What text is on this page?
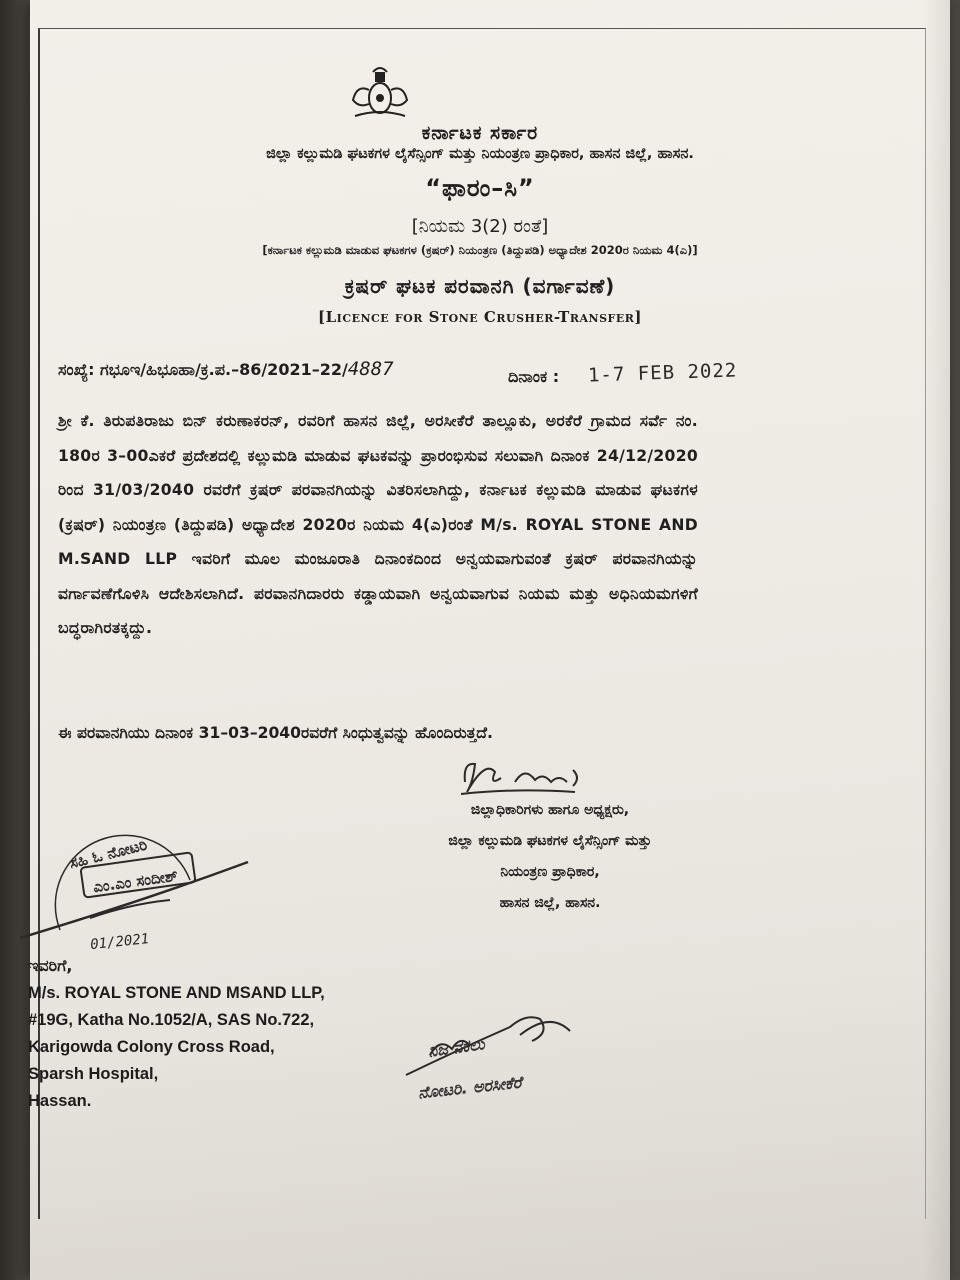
ಕರ್ನಾಟಕ ಸರ್ಕಾರ
ಜಿಲ್ಲಾ ಕಲ್ಲುಮಡಿ ಘಟಕಗಳ ಲೈಸೆನ್ಸಿಂಗ್ ಮತ್ತು ನಿಯಂತ್ರಣ ಪ್ರಾಧಿಕಾರ, ಹಾಸನ ಜಿಲ್ಲೆ, ಹಾಸನ.
“ಫಾರಂ–ಸಿ”
[ನಿಯಮ 3(2) ರಂತೆ]
[ಕರ್ನಾಟಕ ಕಲ್ಲುಮಡಿ ಮಾಡುವ ಘಟಕಗಳ (ಕ್ರಷರ್) ನಿಯಂತ್ರಣ (ತಿದ್ದುಪಡಿ) ಅಧ್ಯಾದೇಶ 2020ರ ನಿಯಮ 4(ಎ)]
ಕ್ರಷರ್ ಘಟಕ ಪರವಾನಗಿ (ವರ್ಗಾವಣೆ)
[Licence for Stone Crusher-Transfer]
ಸಂಖ್ಯೆ: ಗಭೂಇ/ಹಿಭೂಹಾ/ಕ್ರ.ಪ.–86/2021–22/4887	ದಿನಾಂಕ : 1-7 FEB 2022
ಶ್ರೀ ಕೆ. ತಿರುಪತಿರಾಜು ಬಿನ್ ಕರುಣಾಕರನ್, ರವರಿಗೆ ಹಾಸನ ಜಿಲ್ಲೆ, ಅರಸೀಕೆರೆ ತಾಲ್ಲೂಕು, ಅರಕೆರೆ ಗ್ರಾಮದ ಸರ್ವೆ ನಂ. 180ರ 3–00ಎಕರೆ ಪ್ರದೇಶದಲ್ಲಿ ಕಲ್ಲುಮಡಿ ಮಾಡುವ ಘಟಕವನ್ನು ಪ್ರಾರಂಭಿಸುವ ಸಲುವಾಗಿ ದಿನಾಂಕ 24/12/2020 ರಿಂದ 31/03/2040 ರವರೆಗೆ ಕ್ರಷರ್ ಪರವಾನಗಿಯನ್ನು ವಿತರಿಸಲಾಗಿದ್ದು, ಕರ್ನಾಟಕ ಕಲ್ಲುಮಡಿ ಮಾಡುವ ಘಟಕಗಳ (ಕ್ರಷರ್) ನಿಯಂತ್ರಣ (ತಿದ್ದುಪಡಿ) ಅಧ್ಯಾದೇಶ 2020ರ ನಿಯಮ 4(ಎ)ರಂತೆ M/s. ROYAL STONE AND M.SAND LLP ಇವರಿಗೆ ಮೂಲ ಮಂಜೂರಾತಿ ದಿನಾಂಕದಿಂದ ಅನ್ವಯವಾಗುವಂತೆ ಕ್ರಷರ್ ಪರವಾನಗಿಯನ್ನು ವರ್ಗಾವಣೆಗೊಳಿಸಿ ಆದೇಶಿಸಲಾಗಿದೆ. ಪರವಾನಗಿದಾರರು ಕಡ್ಡಾಯವಾಗಿ ಅನ್ವಯವಾಗುವ ನಿಯಮ ಮತ್ತು ಅಧಿನಿಯಮಗಳಿಗೆ ಬದ್ಧರಾಗಿರತಕ್ಕದ್ದು.
ಈ ಪರವಾನಗಿಯು ದಿನಾಂಕ 31–03–2040ರವರೆಗೆ ಸಿಂಧುತ್ವವನ್ನು ಹೊಂದಿರುತ್ತದೆ.
ಜಿಲ್ಲಾಧಿಕಾರಿಗಳು ಹಾಗೂ ಅಧ್ಯಕ್ಷರು,
ಜಿಲ್ಲಾ ಕಲ್ಲುಮಡಿ ಘಟಕಗಳ ಲೈಸೆನ್ಸಿಂಗ್ ಮತ್ತು
ನಿಯಂತ್ರಣ ಪ್ರಾಧಿಕಾರ,
ಹಾಸನ ಜಿಲ್ಲೆ, ಹಾಸನ.
ಸಹಿ ಓ ನೋಟರಿ
ಎಂ.ಎಂ ಸಂದೀಶ್
01/2021
ಇವರಿಗೆ,
M/s. ROYAL STONE AND MSAND LLP,
#19G, Katha No.1052/A, SAS No.722,
Karigowda Colony Cross Road,
Sparsh Hospital,
Hassan.
ನಿಜ ನಕಲು
ನೋಟರಿ. ಅರಸೀಕೆರೆ
